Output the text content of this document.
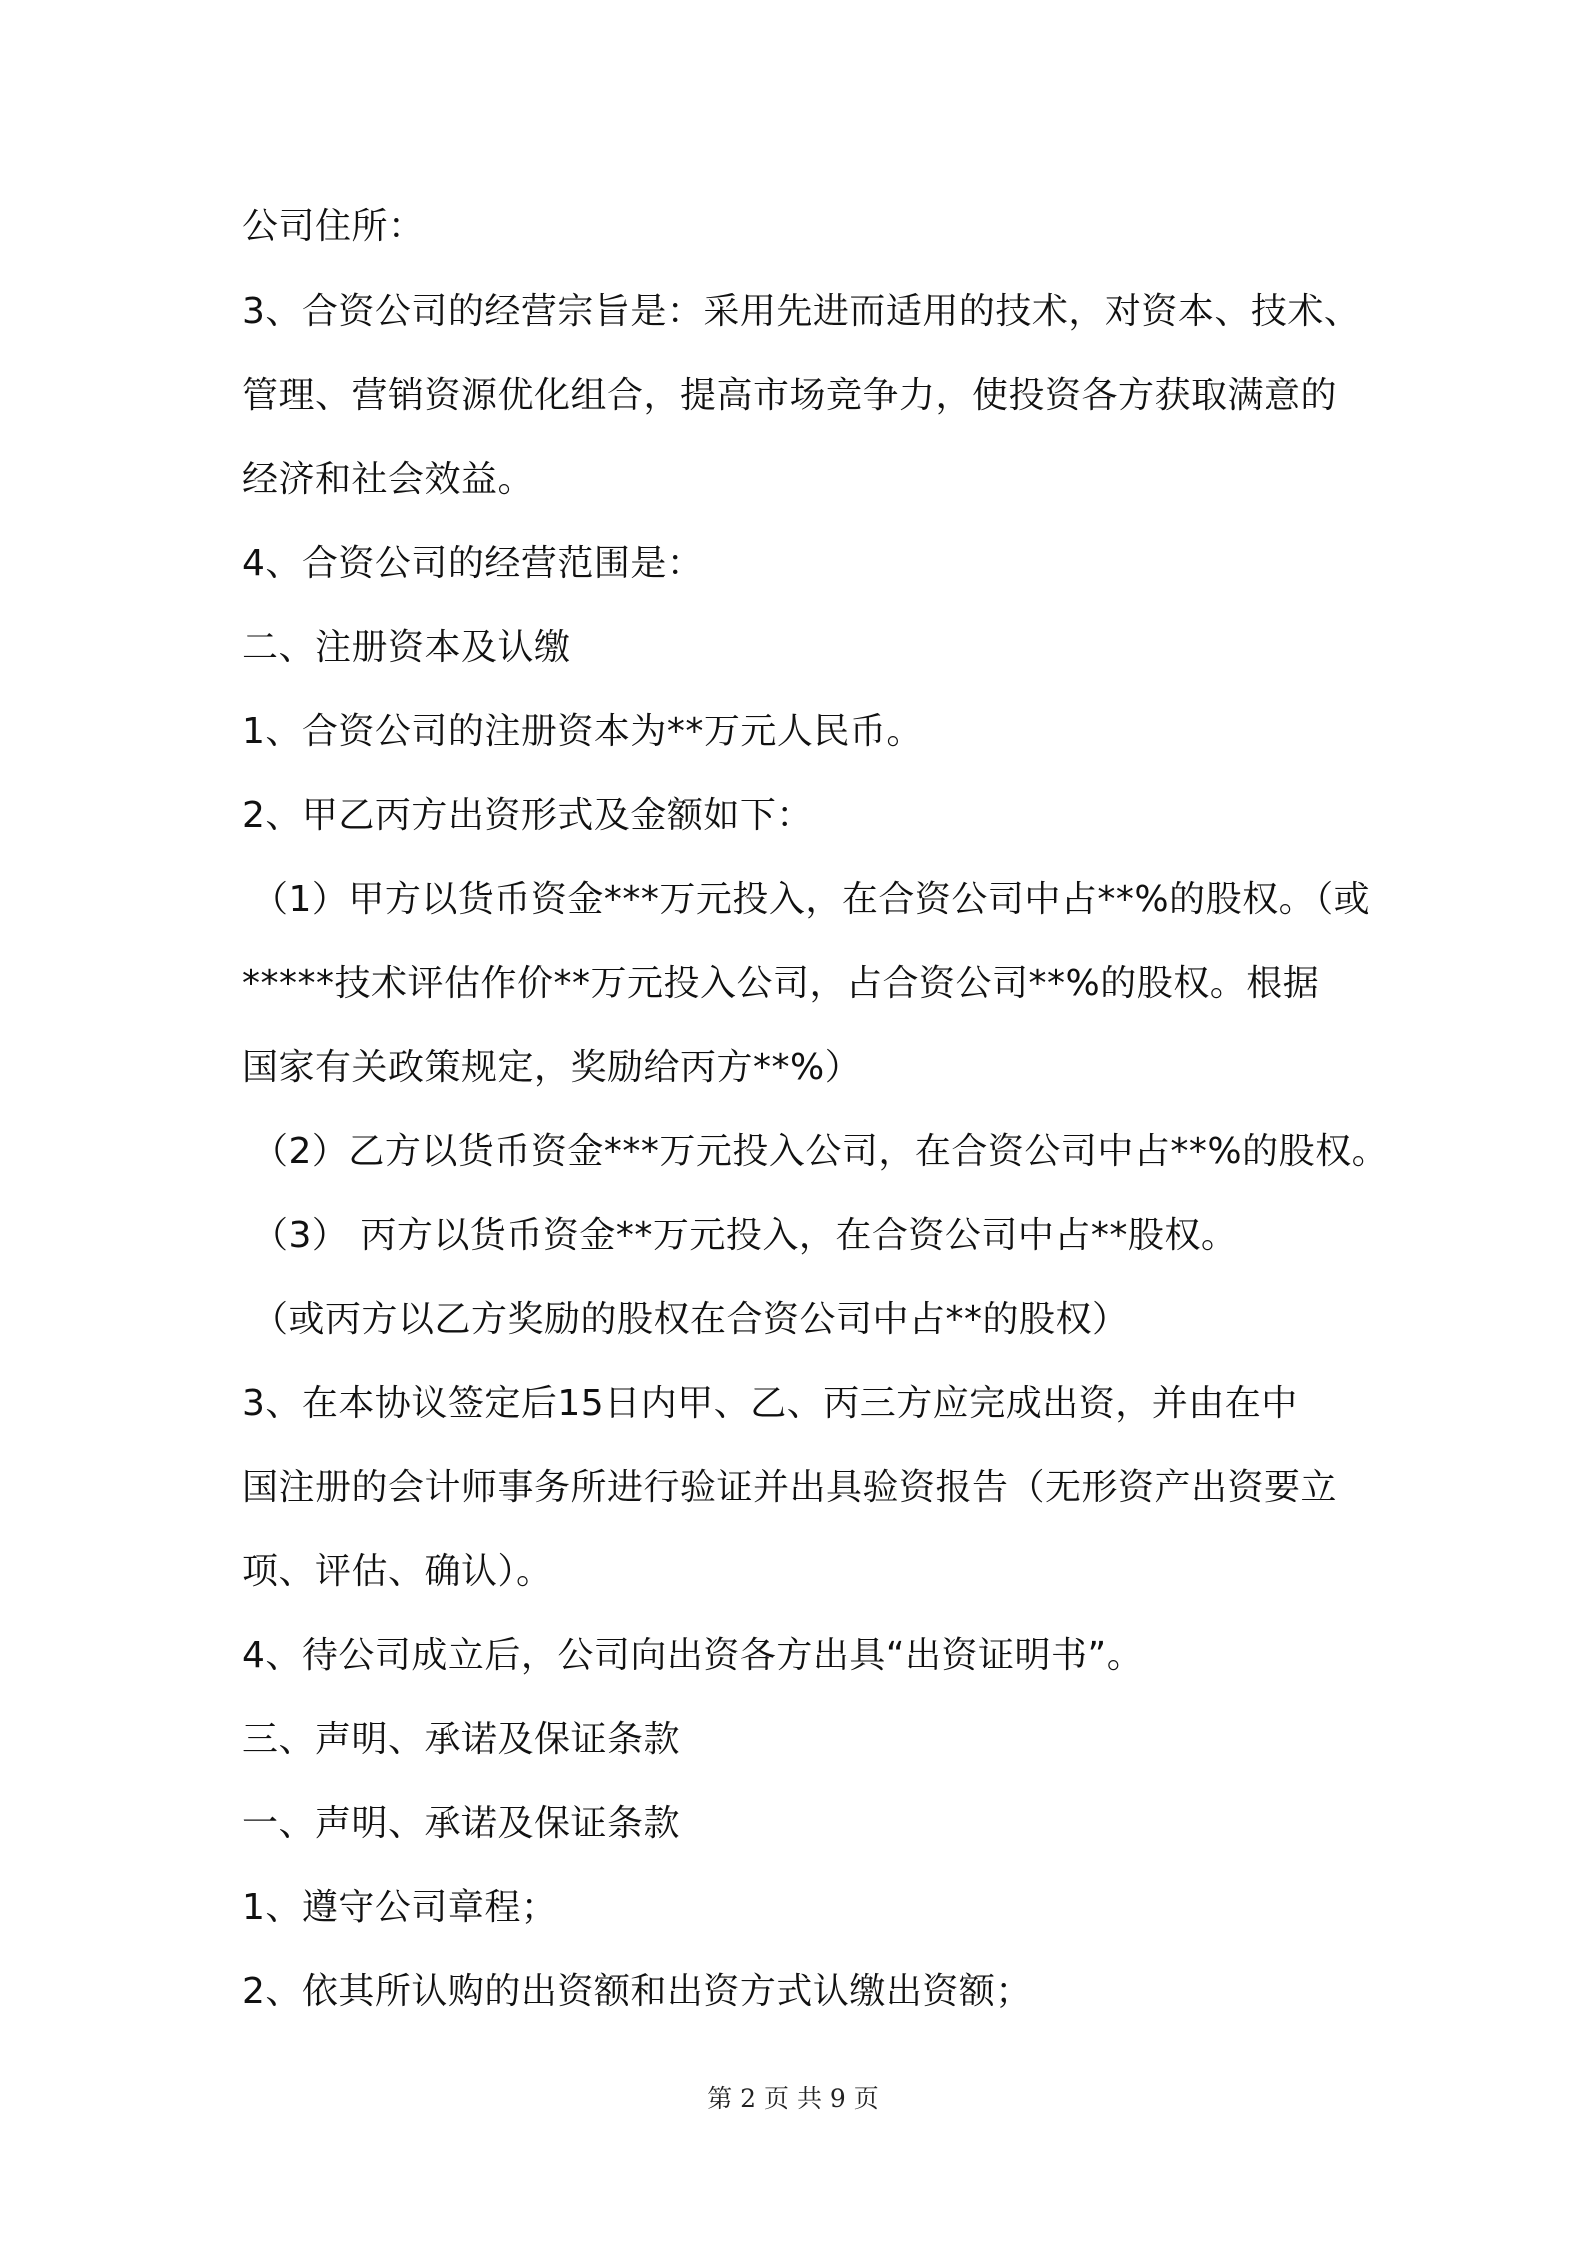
公司住所：

3、合资公司的经营宗旨是：采用先进而适用的技术，对资本、技术、

管理、营销资源优化组合，提高市场竞争力，使投资各方获取满意的

经济和社会效益。

4、合资公司的经营范围是：

二、注册资本及认缴

1、合资公司的注册资本为**万元人民币。

2、甲乙丙方出资形式及金额如下：

（1）甲方以货币资金***万元投入，在合资公司中占**%的股权。（或

*****技术评估作价**万元投入公司，占合资公司**%的股权。根据

国家有关政策规定，奖励给丙方**%）

（2）乙方以货币资金***万元投入公司，在合资公司中占**%的股权。

（3） 丙方以货币资金**万元投入，在合资公司中占**股权。

（或丙方以乙方奖励的股权在合资公司中占**的股权）

3、在本协议签定后15日内甲、乙、丙三方应完成出资，并由在中

国注册的会计师事务所进行验证并出具验资报告（无形资产出资要立

项、评估、确认）。

4、待公司成立后，公司向出资各方出具“出资证明书”。

三、声明、承诺及保证条款

一、声明、承诺及保证条款

1、遵守公司章程；

2、依其所认购的出资额和出资方式认缴出资额；

第 2 页 共 9 页
